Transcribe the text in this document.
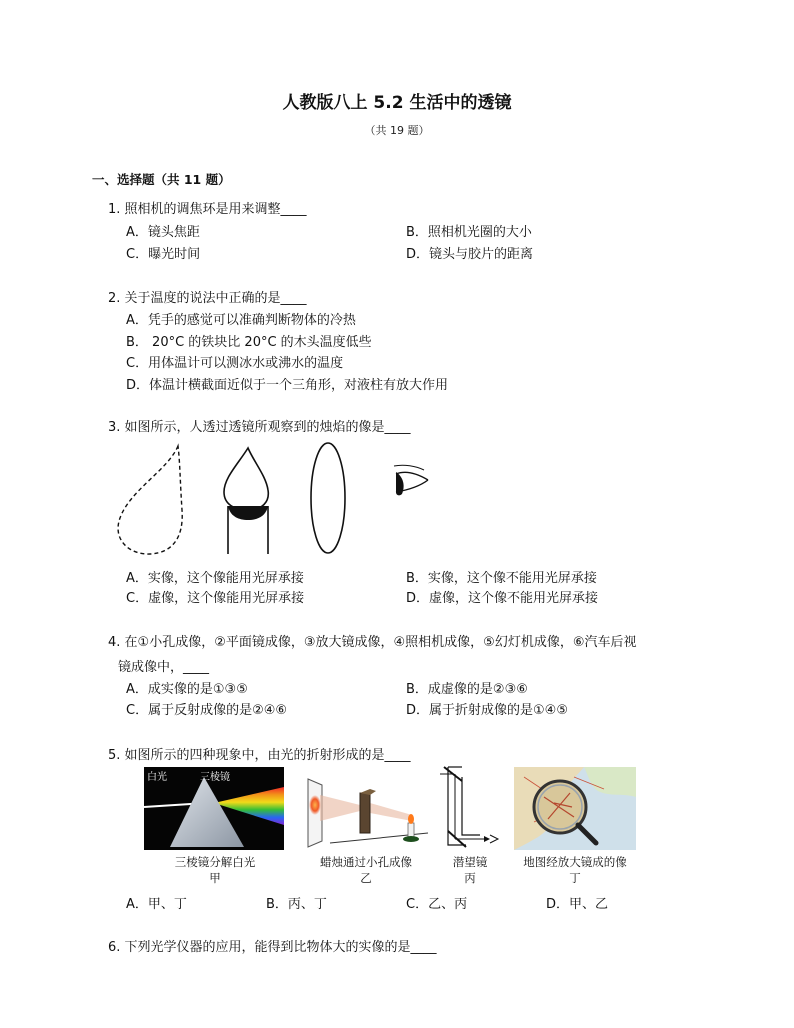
人教版八上 5.2 生活中的透镜
（共 19 题）
一、选择题（共 11 题）
1. 照相机的调焦环是用来调整____
A．镜头焦距	B．照相机光圈的大小
C．曝光时间	D．镜头与胶片的距离
2. 关于温度的说法中正确的是____
A．凭手的感觉可以准确判断物体的冷热
B． 20°C 的铁块比 20°C 的木头温度低些
C．用体温计可以测冰水或沸水的温度
D．体温计横截面近似于一个三角形，对液柱有放大作用
3. 如图所示，人透过透镜所观察到的烛焰的像是____
A．实像，这个像能用光屏承接	B．实像，这个像不能用光屏承接
C．虚像，这个像能用光屏承接	D．虚像，这个像不能用光屏承接
4. 在①小孔成像，②平面镜成像，③放大镜成像，④照相机成像，⑤幻灯机成像，⑥汽车后视
镜成像中，____
A．成实像的是①③⑤	B．成虚像的是②③⑥
C．属于反射成像的是②④⑥	D．属于折射成像的是①④⑤
5. 如图所示的四种现象中，由光的折射形成的是____
白光	三棱镜
三棱镜分解白光
甲
蜡烛通过小孔成像
乙
潜望镜
丙
地图经放大镜成的像
丁
A．甲、丁	B．丙、丁	C．乙、丙	D．甲、乙
6. 下列光学仪器的应用，能得到比物体大的实像的是____
